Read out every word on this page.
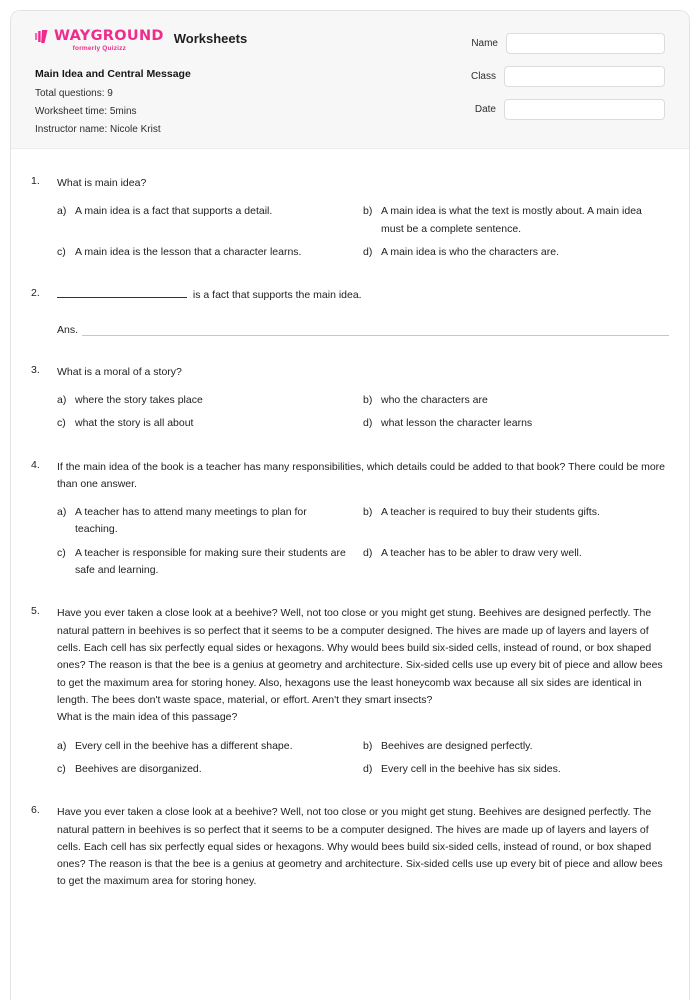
WAYGROUND
formerly Quizizz
Worksheets
Main Idea and Central Message
Total questions: 9
Worksheet time: 5mins
Instructor name: Nicole Krist
Name
Class
Date
1.	What is main idea?
a) A main idea is a fact that supports a detail.	b) A main idea is what the text is mostly about. A main idea must be a complete sentence.
c) A main idea is the lesson that a character learns.	d) A main idea is who the characters are.
2.	is a fact that supports the main idea.
Ans.
3.	What is a moral of a story?
a) where the story takes place	b) who the characters are
c) what the story is all about	d) what lesson the character learns
4.	If the main idea of the book is a teacher has many responsibilities, which details could be added to that book? There could be more than one answer.
a) A teacher has to attend many meetings to plan for teaching.
b) A teacher is required to buy their students gifts.
c) A teacher is responsible for making sure their students are safe and learning.
d) A teacher has to be abler to draw very well.
5.	Have you ever taken a close look at a beehive? Well, not too close or you might get stung. Beehives are designed perfectly. The natural pattern in beehives is so perfect that it seems to be a computer designed. The hives are made up of layers and layers of cells. Each cell has six perfectly equal sides or hexagons. Why would bees build six-sided cells, instead of round, or box shaped ones? The reason is that the bee is a genius at geometry and architecture. Six-sided cells use up every bit of piece and allow bees to get the maximum area for storing honey. Also, hexagons use the least honeycomb wax because all six sides are identical in length. The bees don't waste space, material, or effort. Aren't they smart insects?
What is the main idea of this passage?
a) Every cell in the beehive has a different shape.	b) Beehives are designed perfectly.
c) Beehives are disorganized.	d) Every cell in the beehive has six sides.
6.	Have you ever taken a close look at a beehive? Well, not too close or you might get stung. Beehives are designed perfectly. The natural pattern in beehives is so perfect that it seems to be a computer designed. The hives are made up of layers and layers of cells. Each cell has six perfectly equal sides or hexagons. Why would bees build six-sided cells, instead of round, or box shaped ones? The reason is that the bee is a genius at geometry and architecture. Six-sided cells use up every bit of piece and allow bees to get the maximum area for storing honey.
